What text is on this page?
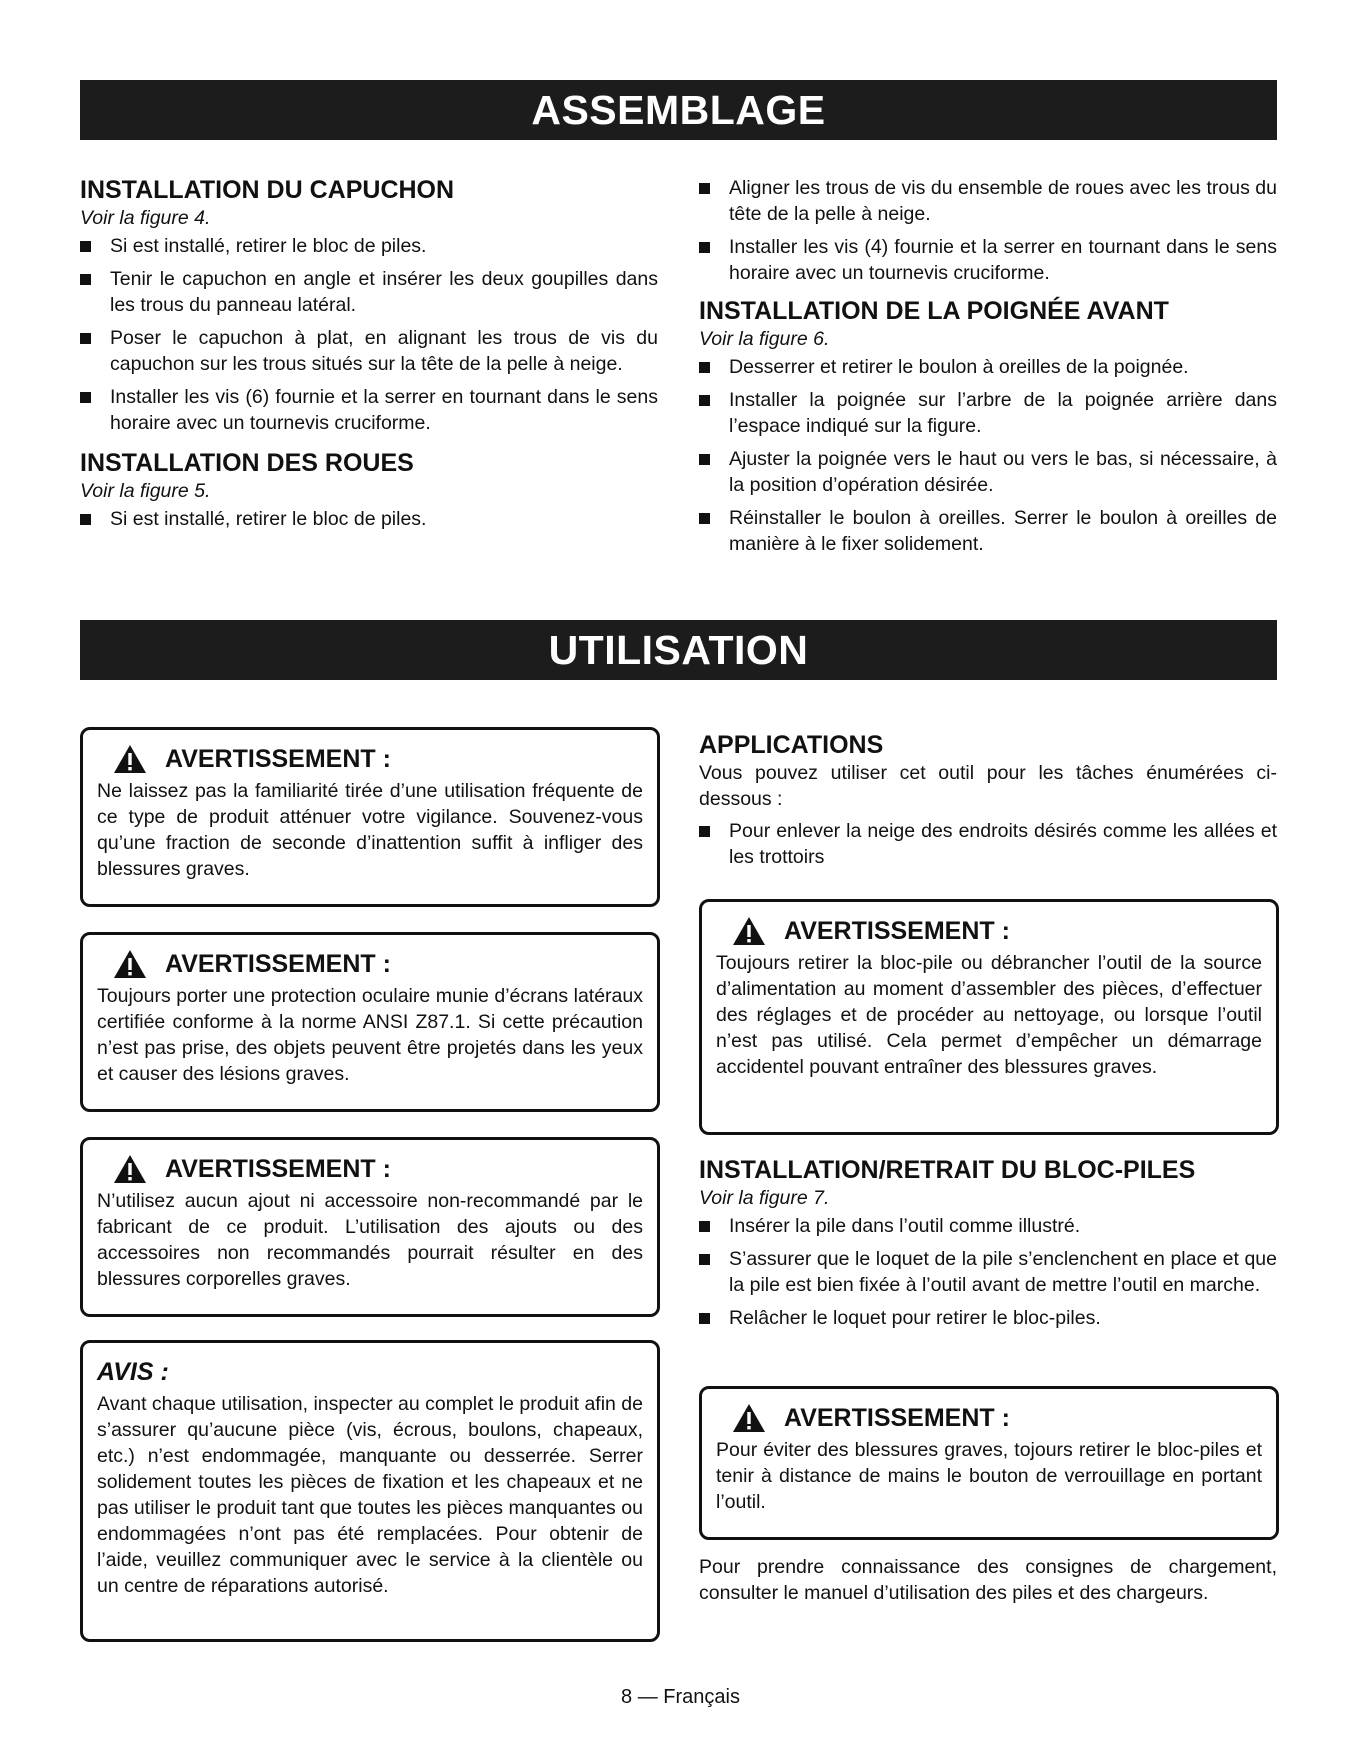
ASSEMBLAGE
INSTALLATION DU CAPUCHON
Voir la figure 4.
Si est installé, retirer le bloc de piles.
Tenir le capuchon en angle et insérer les deux goupilles dans les trous du panneau latéral.
Poser le capuchon à plat, en alignant les trous de vis du capuchon sur les trous situés sur la tête de la pelle à neige.
Installer les vis (6) fournie et la serrer en tournant dans le sens horaire avec un tournevis cruciforme.
INSTALLATION DES ROUES
Voir la figure 5.
Si est installé, retirer le bloc de piles.
Aligner les trous de vis du ensemble de roues avec les trous du tête de la pelle à neige.
Installer les vis (4) fournie et la serrer en tournant dans le sens horaire avec un tournevis cruciforme.
INSTALLATION DE LA POIGNÉE AVANT
Voir la figure 6.
Desserrer et retirer le boulon à oreilles de la poignée.
Installer la poignée sur l’arbre de la poignée arrière dans l’espace indiqué sur la figure.
Ajuster la poignée vers le haut ou vers le bas, si nécessaire, à la position d’opération désirée.
Réinstaller le boulon à oreilles. Serrer le boulon à oreilles de manière à le fixer solidement.
UTILISATION
AVERTISSEMENT :

Ne laissez pas la familiarité tirée d’une utilisation fréquente de ce type de produit atténuer votre vigilance. Souvenez-vous qu’une fraction de seconde d’inattention suffit à infliger des blessures graves.

AVERTISSEMENT :

Toujours porter une protection oculaire munie d’écrans latéraux certifiée conforme à la norme ANSI Z87.1. Si cette précaution n’est pas prise, des objets peuvent être projetés dans les yeux et causer des lésions graves.

AVERTISSEMENT :

N’utilisez aucun ajout ni accessoire non-recommandé par le fabricant de ce produit. L’utilisation des ajouts ou des accessoires non recommandés pourrait résulter en des blessures corporelles graves.

AVIS :

Avant chaque utilisation, inspecter au complet le produit afin de s’assurer qu’aucune pièce (vis, écrous, boulons, chapeaux, etc.) n’est endommagée, manquante ou desserrée. Serrer solidement toutes les pièces de fixation et les chapeaux et ne pas utiliser le produit tant que toutes les pièces manquantes ou endommagées n’ont pas été remplacées. Pour obtenir de l’aide, veuillez communiquer avec le service à la clientèle ou un centre de réparations autorisé.

APPLICATIONS

Vous pouvez utiliser cet outil pour les tâches énumérées ci-dessous :

Pour enlever la neige des endroits désirés comme les allées et les trottoirs
AVERTISSEMENT :

Toujours retirer la bloc-pile ou débrancher l’outil de la source d’alimentation au moment d’assembler des pièces, d’effectuer des réglages et de procéder au nettoyage, ou lorsque l’outil n’est pas utilisé. Cela permet d’empêcher un démarrage accidentel pouvant entraîner des blessures graves.

INSTALLATION/RETRAIT DU BLOC-PILES
Voir la figure 7.
Insérer la pile dans l’outil comme illustré.
S’assurer que le loquet de la pile s’enclenchent en place et que la pile est bien fixée à l’outil avant de mettre l’outil en marche.
Relâcher le loquet pour retirer le bloc-piles.
AVERTISSEMENT :

Pour éviter des blessures graves, tojours retirer le bloc-piles et tenir à distance de mains le bouton de verrouillage en portant l’outil.

Pour prendre connaissance des consignes de chargement, consulter le manuel d’utilisation des piles et des chargeurs.

8 — Français
